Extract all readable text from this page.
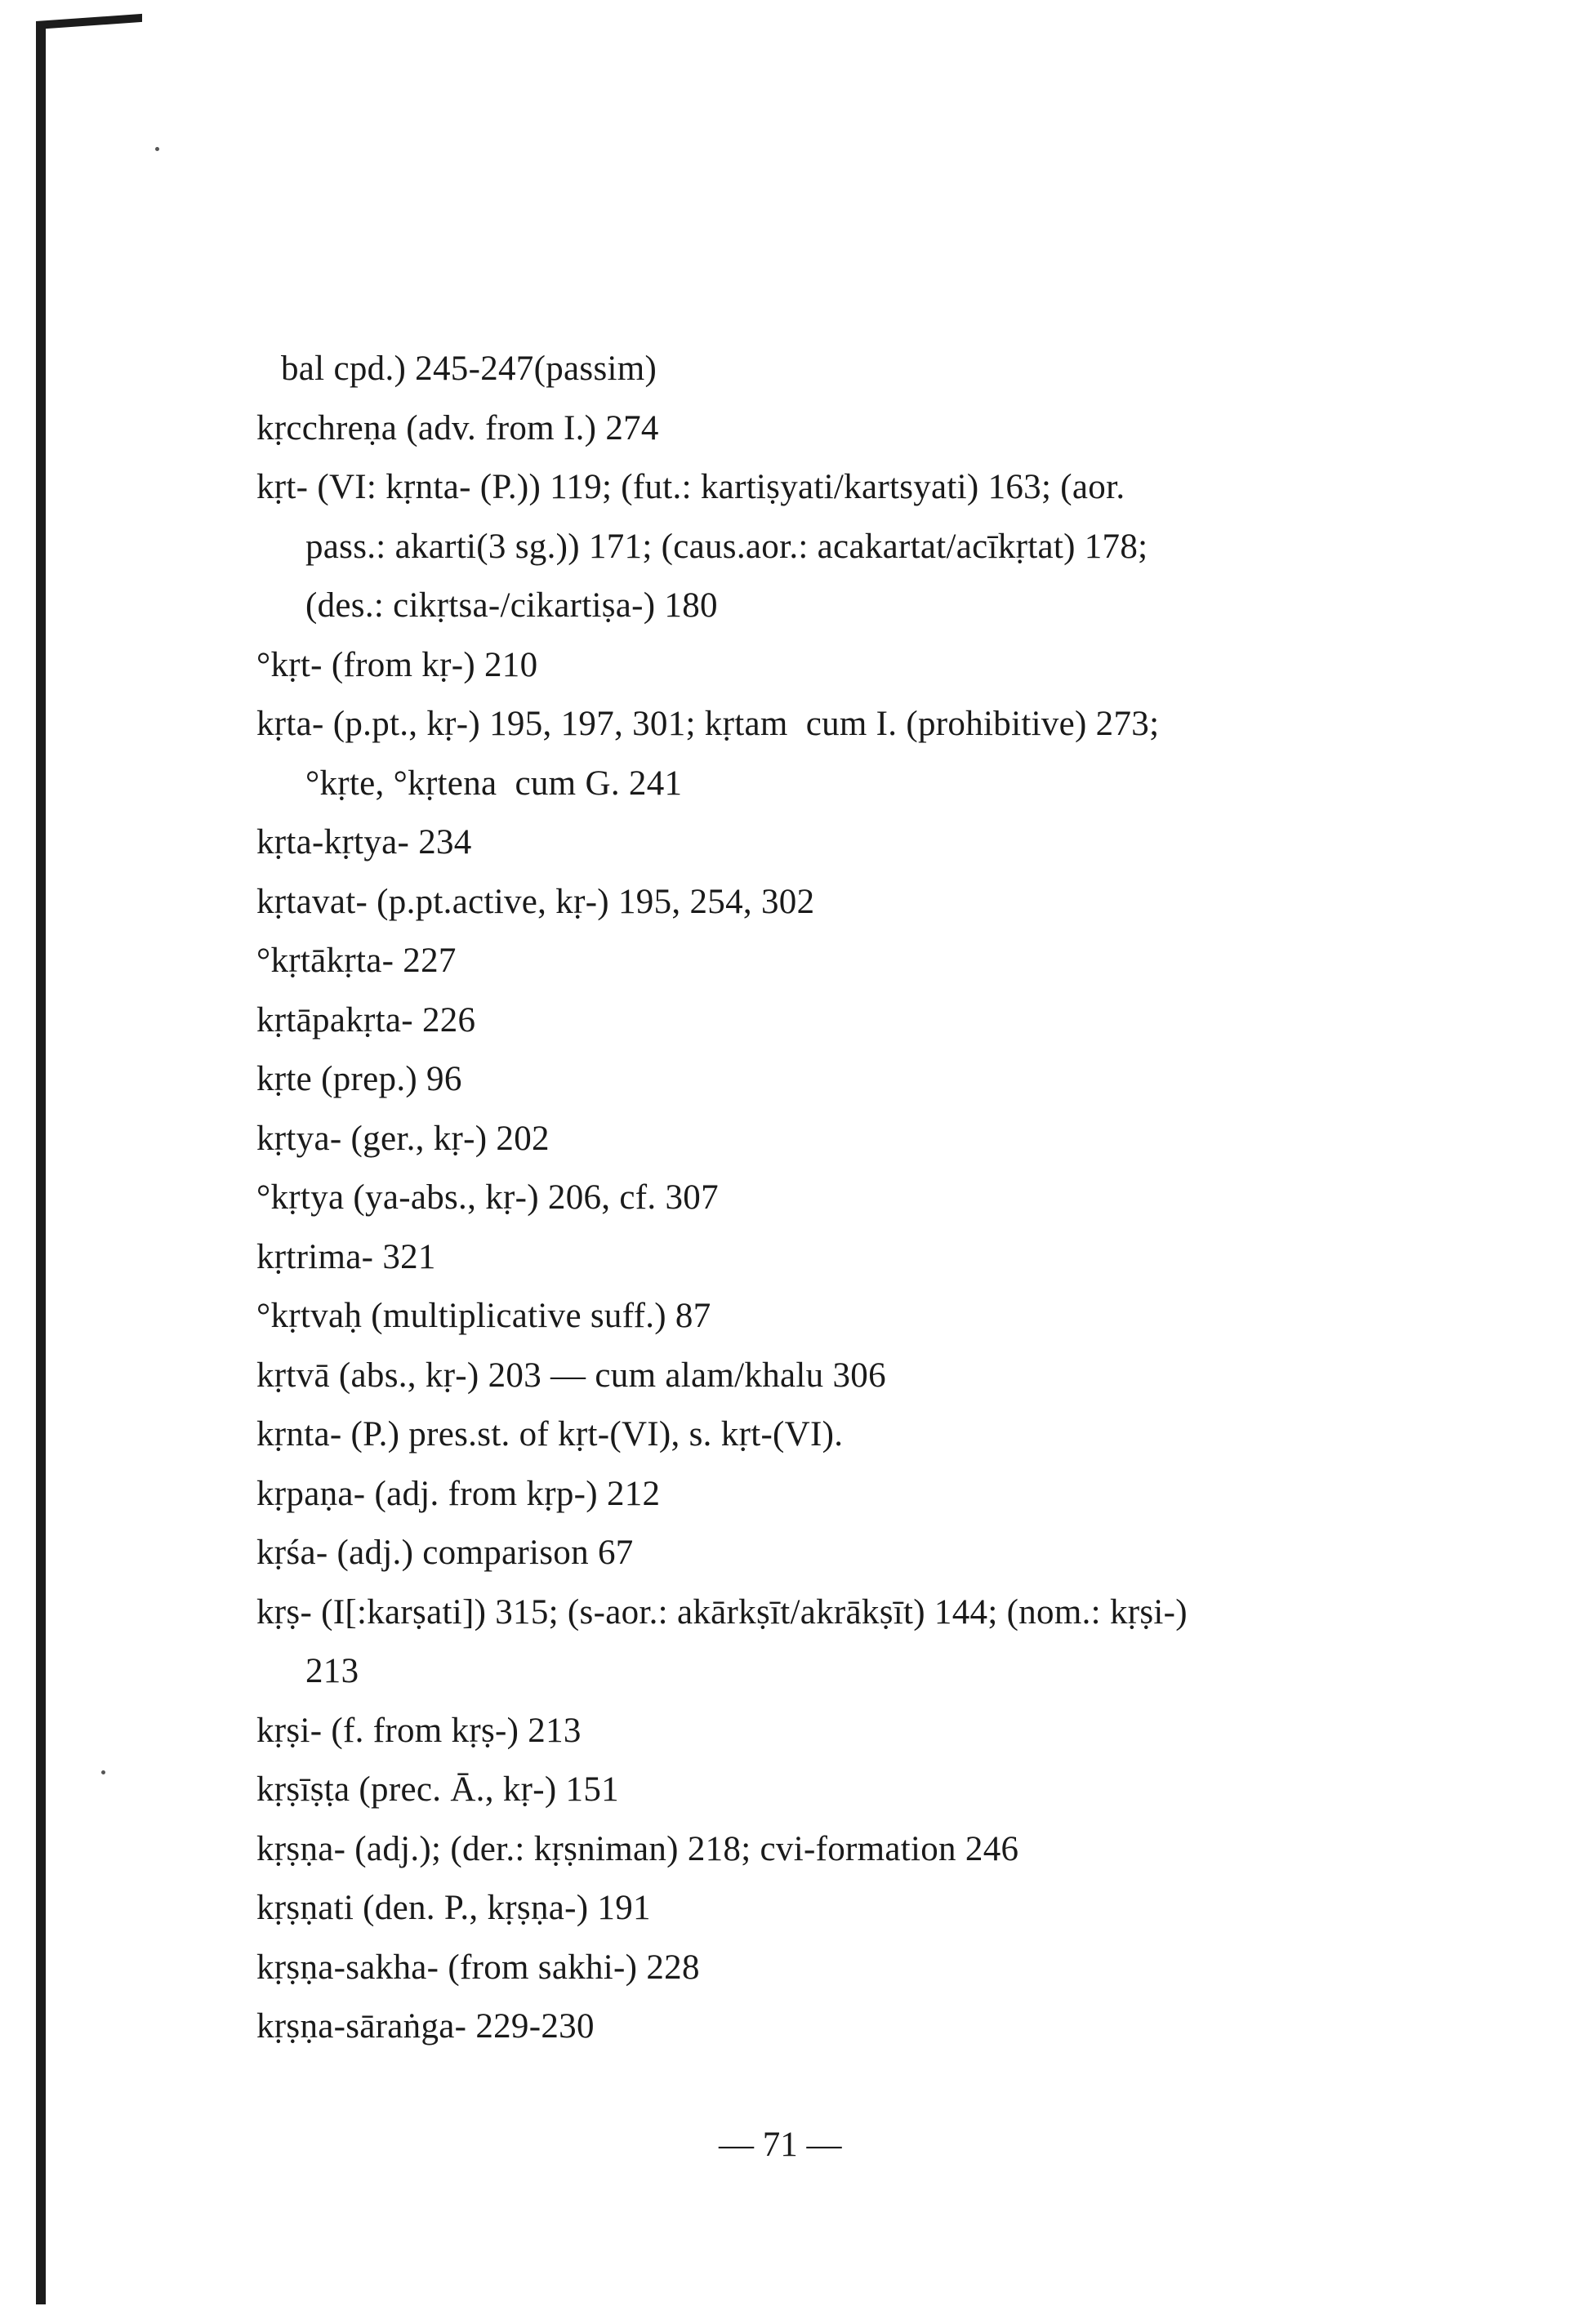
bal cpd.) 245-247(passim)
kṛcchreṇa (adv. from I.) 274
kṛt- (VI: kṛnta- (P.)) 119; (fut.: kartiṣyati/kartsyati) 163; (aor.
pass.: akarti(3 sg.)) 171; (caus.aor.: acakartat/acīkṛtat) 178;
(des.: cikṛtsa-/cikartiṣa-) 180
°kṛt- (from kṛ-) 210
kṛta- (p.pt., kṛ-) 195, 197, 301; kṛtam  cum I. (prohibitive) 273;
°kṛte, °kṛtena  cum G. 241
kṛta-kṛtya- 234
kṛtavat- (p.pt.active, kṛ-) 195, 254, 302
°kṛtākṛta- 227
kṛtāpakṛta- 226
kṛte (prep.) 96
kṛtya- (ger., kṛ-) 202
°kṛtya (ya-abs., kṛ-) 206, cf. 307
kṛtrima- 321
°kṛtvaḥ (multiplicative suff.) 87
kṛtvā (abs., kṛ-) 203 — cum alam/khalu 306
kṛnta- (P.) pres.st. of kṛt-(VI), s. kṛt-(VI).
kṛpaṇa- (adj. from kṛp-) 212
kṛśa- (adj.) comparison 67
kṛṣ- (I[:karṣati]) 315; (s-aor.: akārkṣīt/akrākṣīt) 144; (nom.: kṛṣi-)
213
kṛṣi- (f. from kṛṣ-) 213
kṛṣīṣṭa (prec. Ā., kṛ-) 151
kṛṣṇa- (adj.); (der.: kṛṣniman) 218; cvi-formation 246
kṛṣṇati (den. P., kṛṣṇa-) 191
kṛṣṇa-sakha- (from sakhi-) 228
kṛṣṇa-sāraṅga- 229-230
— 71 —
